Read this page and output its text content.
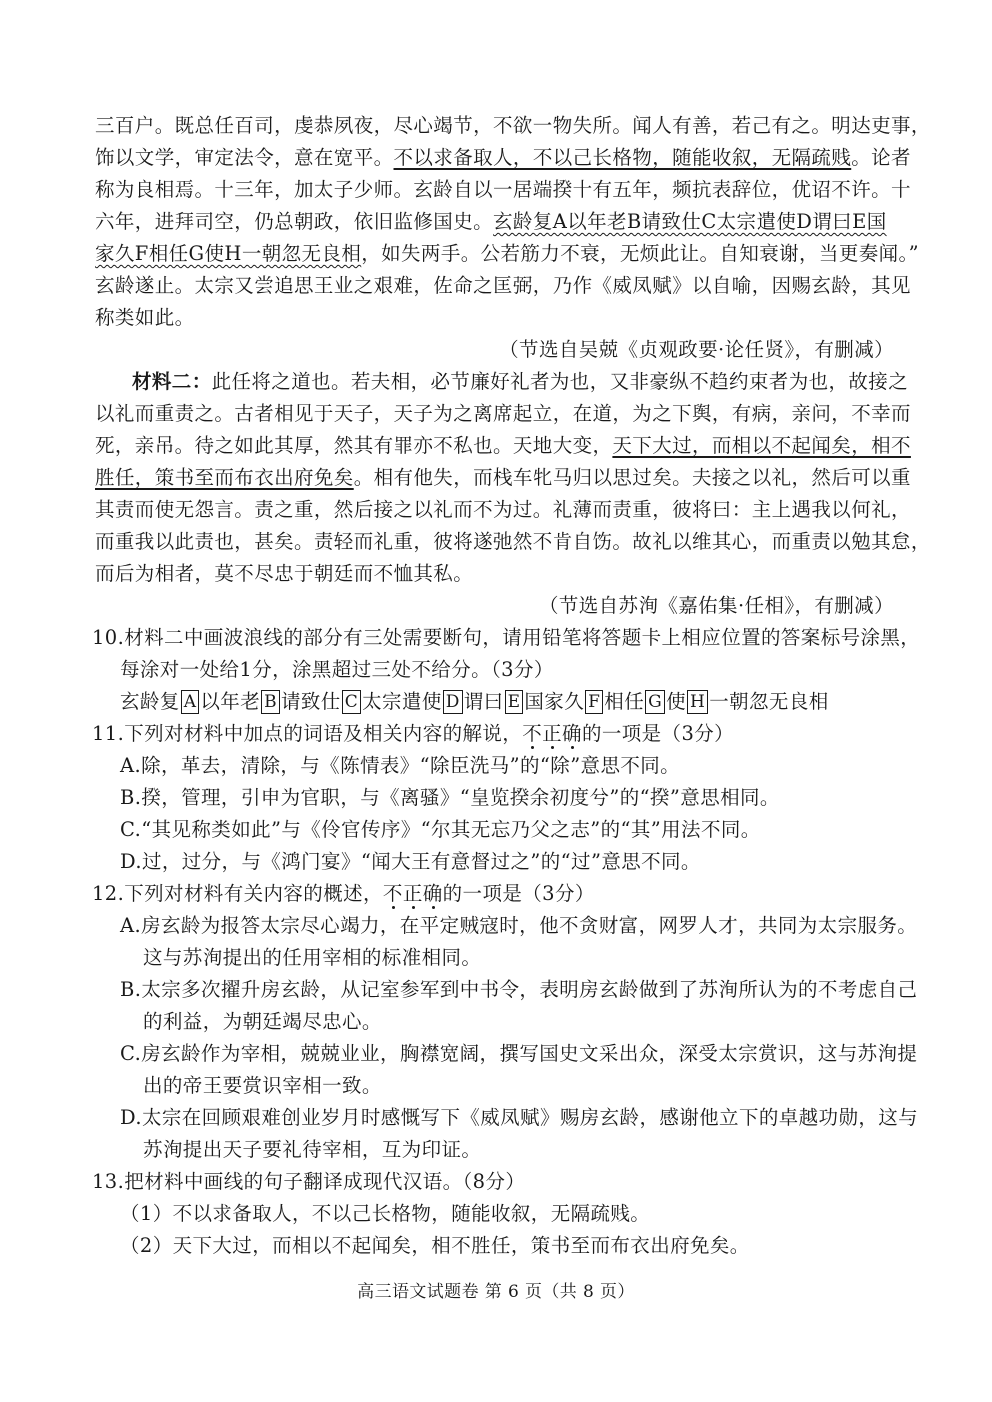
三百户。既总任百司，虔恭夙夜，尽心竭节，不欲一物失所。闻人有善，若己有之。明达吏事，
饰以文学，审定法令，意在宽平。不以求备取人，不以己长格物，随能收叙，无隔疏贱。论者
称为良相焉。十三年，加太子少师。玄龄自以一居端揆十有五年，频抗表辞位，优诏不许。十
六年，进拜司空，仍总朝政，依旧监修国史。玄龄复A以年老B请致仕C太宗遣使D谓曰E国
家久F相任G使H一朝忽无良相，如失两手。公若筋力不衰，无烦此让。自知衰谢，当更奏闻。”
玄龄遂止。太宗又尝追思王业之艰难，佐命之匡弼，乃作《威凤赋》以自喻，因赐玄龄，其见
称类如此。
（节选自吴兢《贞观政要·论任贤》，有删减）
材料二：此任将之道也。若夫相，必节廉好礼者为也，又非豪纵不趋约束者为也，故接之
以礼而重责之。古者相见于天子，天子为之离席起立，在道，为之下舆，有病，亲问，不幸而
死，亲吊。待之如此其厚，然其有罪亦不私也。天地大变，天下大过，而相以不起闻矣，相不
胜任，策书至而布衣出府免矣。相有他失，而栈车牝马归以思过矣。夫接之以礼，然后可以重
其责而使无怨言。责之重，然后接之以礼而不为过。礼薄而责重，彼将曰：主上遇我以何礼，
而重我以此责也，甚矣。责轻而礼重，彼将遂弛然不肯自饬。故礼以维其心，而重责以勉其怠，
而后为相者，莫不尽忠于朝廷而不恤其私。
（节选自苏洵《嘉佑集·任相》，有删减）
10.材料二中画波浪线的部分有三处需要断句，请用铅笔将答题卡上相应位置的答案标号涂黑，
每涂对一处给1分，涂黑超过三处不给分。（3分）
玄龄复 A 以年老 B 请致仕 C 太宗遣使 D 谓曰 E 国家久 F 相任 G 使 H 一朝忽无良相
11.下列对材料中加点的词语及相关内容的解说，不正确的一项是（3分）
A.除，革去，清除，与《陈情表》“除臣洗马”的“除”意思不同。
B.揆，管理，引申为官职，与《离骚》“皇览揆余初度兮”的“揆”意思相同。
C.“其见称类如此”与《伶官传序》“尔其无忘乃父之志”的“其”用法不同。
D.过，过分，与《鸿门宴》“闻大王有意督过之”的“过”意思不同。
12.下列对材料有关内容的概述，不正确的一项是（3分）
A.房玄龄为报答太宗尽心竭力，在平定贼寇时，他不贪财富，网罗人才，共同为太宗服务。
这与苏洵提出的任用宰相的标准相同。
B.太宗多次擢升房玄龄，从记室参军到中书令，表明房玄龄做到了苏洵所认为的不考虑自己
的利益，为朝廷竭尽忠心。
C.房玄龄作为宰相，兢兢业业，胸襟宽阔，撰写国史文采出众，深受太宗赏识，这与苏洵提
出的帝王要赏识宰相一致。
D.太宗在回顾艰难创业岁月时感慨写下《威凤赋》赐房玄龄，感谢他立下的卓越功勋，这与
苏洵提出天子要礼待宰相，互为印证。
13.把材料中画线的句子翻译成现代汉语。（8分）
（1）不以求备取人，不以己长格物，随能收叙，无隔疏贱。
（2）天下大过，而相以不起闻矣，相不胜任，策书至而布衣出府免矣。
高三语文试题卷 第 6 页（共 8 页）
